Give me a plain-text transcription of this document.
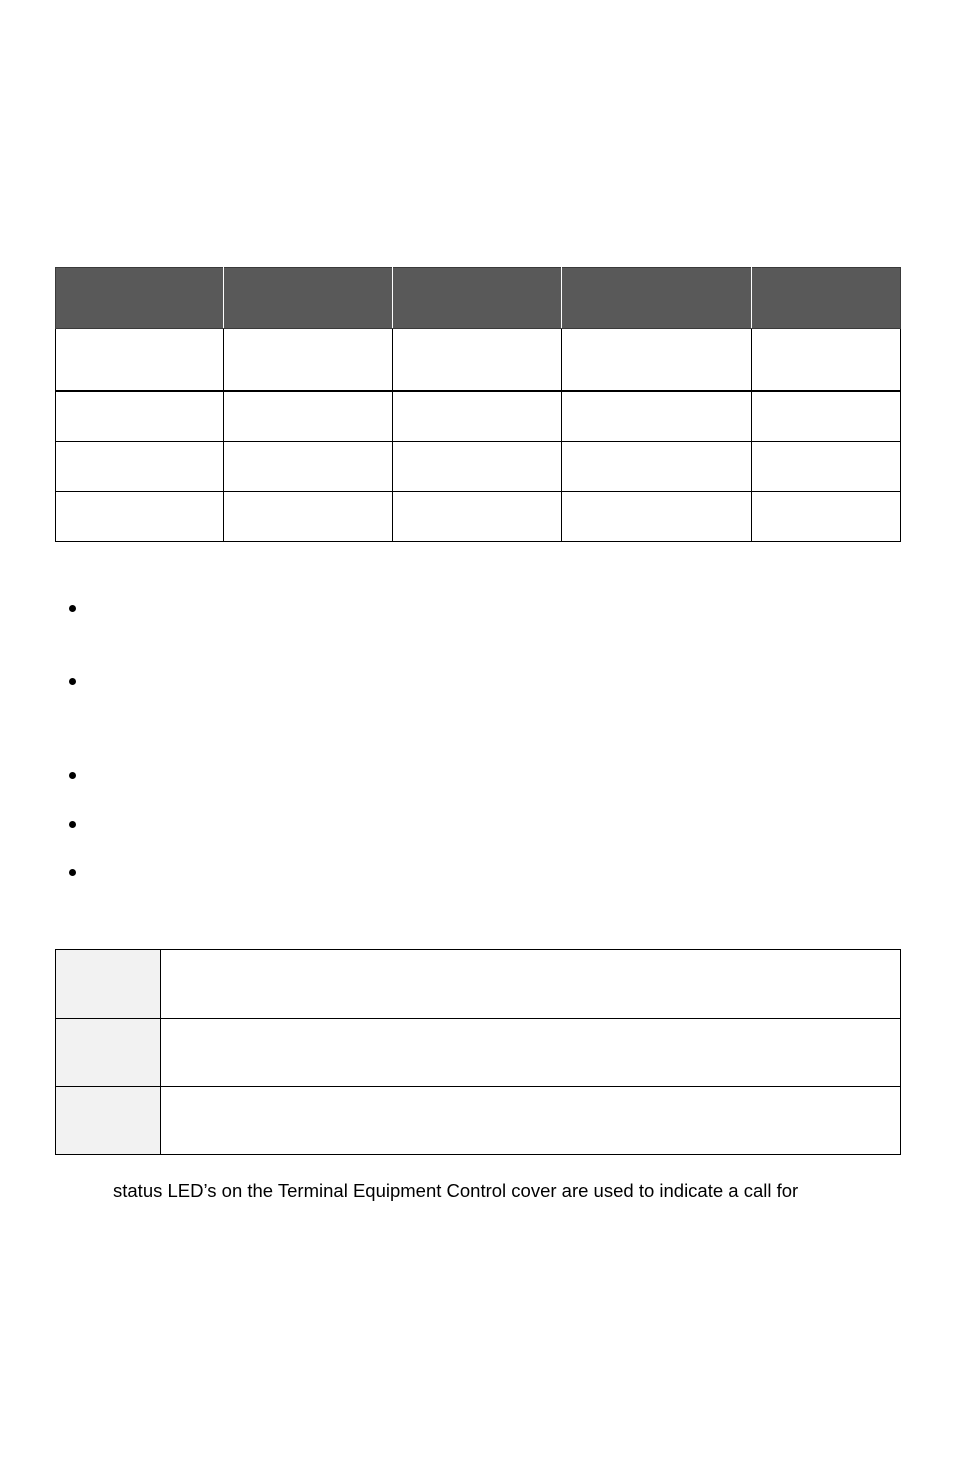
status LED’s on the Terminal Equipment Control cover are used to indicate a call for
